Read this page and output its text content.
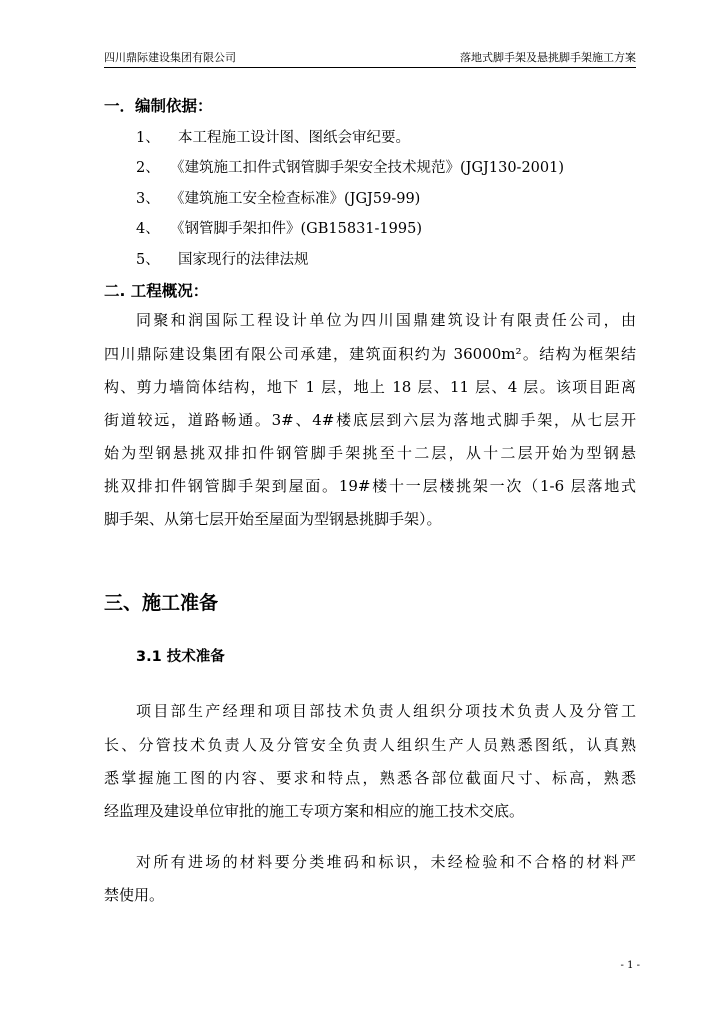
四川鼎际建设集团有限公司	落地式脚手架及悬挑脚手架施工方案
一．编制依据：
1、 本工程施工设计图、图纸会审纪要。
2、 《建筑施工扣件式钢管脚手架安全技术规范》(JGJ130-2001)
3、 《建筑施工安全检查标准》(JGJ59-99)
4、 《钢管脚手架扣件》(GB15831-1995)
5、 国家现行的法律法规
二. 工程概况：
同聚和润国际工程设计单位为四川国鼎建筑设计有限责任公司，由
四川鼎际建设集团有限公司承建，建筑面积约为 36000m²。结构为框架结
构、剪力墙筒体结构，地下 1 层，地上 18 层、11 层、4 层。该项目距离
街道较远，道路畅通。3#、4#楼底层到六层为落地式脚手架，从七层开
始为型钢悬挑双排扣件钢管脚手架挑至十二层，从十二层开始为型钢悬
挑双排扣件钢管脚手架到屋面。19#楼十一层楼挑架一次（1-6 层落地式
脚手架、从第七层开始至屋面为型钢悬挑脚手架）。
三、施工准备
3.1 技术准备
项目部生产经理和项目部技术负责人组织分项技术负责人及分管工
长、分管技术负责人及分管安全负责人组织生产人员熟悉图纸，认真熟
悉掌握施工图的内容、要求和特点，熟悉各部位截面尺寸、标高，熟悉
经监理及建设单位审批的施工专项方案和相应的施工技术交底。
对所有进场的材料要分类堆码和标识，未经检验和不合格的材料严
禁使用。
- 1 -
